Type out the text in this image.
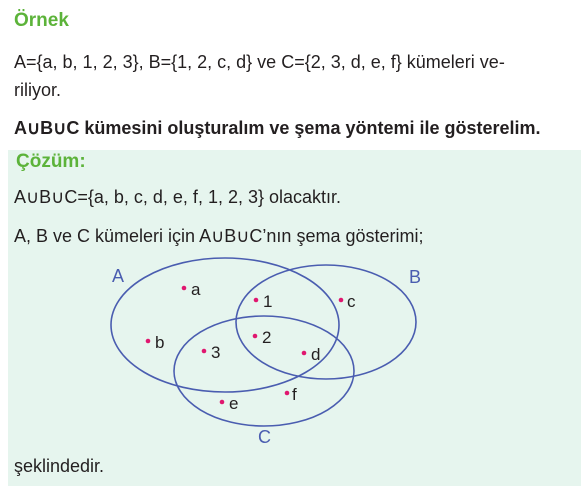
Örnek
A={a, b, 1, 2, 3}, B={1, 2, c, d} ve C={2, 3, d, e, f} kümeleri ve-
riliyor.
A∪B∪C kümesini oluşturalım ve şema yöntemi ile gösterelim.
Çözüm:
A∪B∪C={a, b, c, d, e, f, 1, 2, 3} olacaktır.
A, B ve C kümeleri için A∪B∪C’nın şema gösterimi;
şeklindedir.
A	B
C
a
b
1
2
3
c
d
e	f
